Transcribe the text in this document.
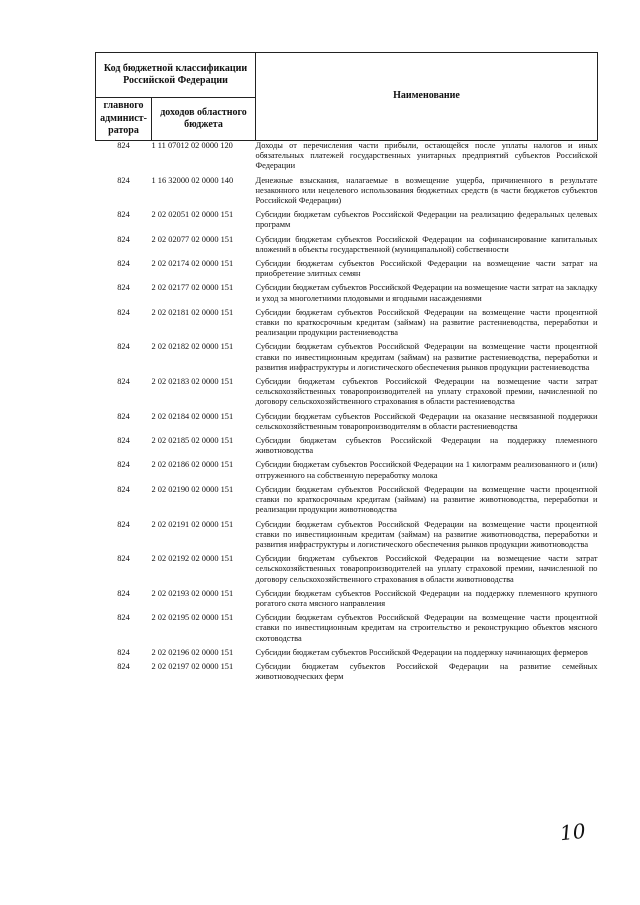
Код бюджетной классификации Российской Федерации		Наименование
главного админист-ратора	доходов областного бюджета	
824	1 11 07012 02 0000 120	Доходы от перечисления части прибыли, остающейся после уплаты налогов и иных обязательных платежей государственных унитарных предприятий субъектов Российской Федерации
824	1 16 32000 02 0000 140	Денежные взыскания, налагаемые в возмещение ущерба, причиненного в результате незаконного или нецелевого использования бюджетных средств (в части бюджетов субъектов Российской Федерации)
824	2 02 02051 02 0000 151	Субсидии бюджетам субъектов Российской Федерации на реализацию федеральных целевых программ
824	2 02 02077 02 0000 151	Субсидии бюджетам субъектов Российской Федерации на софинансирование капитальных вложений в объекты государственной (муниципальной) собственности
824	2 02 02174 02 0000 151	Субсидии бюджетам субъектов Российской Федерации на возмещение части затрат на приобретение элитных семян
824	2 02 02177 02 0000 151	Субсидии бюджетам субъектов Российской Федерации на возмещение части затрат на закладку и уход за многолетними плодовыми и ягодными насаждениями
824	2 02 02181 02 0000 151	Субсидии бюджетам субъектов Российской Федерации на возмещение части процентной ставки по краткосрочным кредитам (займам) на развитие растениеводства, переработки и реализации продукции растениеводства
824	2 02 02182 02 0000 151	Субсидии бюджетам субъектов Российской Федерации на возмещение части процентной ставки по инвестиционным кредитам (займам) на развитие растениеводства, переработки и развития инфраструктуры и логистического обеспечения рынков продукции растениеводства
824	2 02 02183 02 0000 151	Субсидии бюджетам субъектов Российской Федерации на возмещение части затрат сельскохозяйственных товаропроизводителей на уплату страховой премии, начисленной по договору сельскохозяйственного страхования в области растениеводства
824	2 02 02184 02 0000 151	Субсидии бюджетам субъектов Российской Федерации на оказание несвязанной поддержки сельскохозяйственным товаропроизводителям в области растениеводства
824	2 02 02185 02 0000 151	Субсидии бюджетам субъектов Российской Федерации на поддержку племенного животноводства
824	2 02 02186 02 0000 151	Субсидии бюджетам субъектов Российской Федерации на 1 килограмм реализованного и (или) отгруженного на собственную переработку молока
824	2 02 02190 02 0000 151	Субсидии бюджетам субъектов Российской Федерации на возмещение части процентной ставки по краткосрочным кредитам (займам) на развитие животноводства, переработки и реализации продукции животноводства
824	2 02 02191 02 0000 151	Субсидии бюджетам субъектов Российской Федерации на возмещение части процентной ставки по инвестиционным кредитам (займам) на развитие животноводства, переработки и развития инфраструктуры и логистического обеспечения рынков продукции животноводства
824	2 02 02192 02 0000 151	Субсидии бюджетам субъектов Российской Федерации на возмещение части затрат сельскохозяйственных товаропроизводителей на уплату страховой премии, начисленной по договору сельскохозяйственного страхования в области животноводства
824	2 02 02193 02 0000 151	Субсидии бюджетам субъектов Российской Федерации на поддержку племенного крупного рогатого скота мясного направления
824	2 02 02195 02 0000 151	Субсидии бюджетам субъектов Российской Федерации на возмещение части процентной ставки по инвестиционным кредитам на строительство и реконструкцию объектов мясного скотоводства
824	2 02 02196 02 0000 151	Субсидии бюджетам субъектов Российской Федерации на поддержку начинающих фермеров
824	2 02 02197 02 0000 151	Субсидии бюджетам субъектов Российской Федерации на развитие семейных животноводческих ферм
10
